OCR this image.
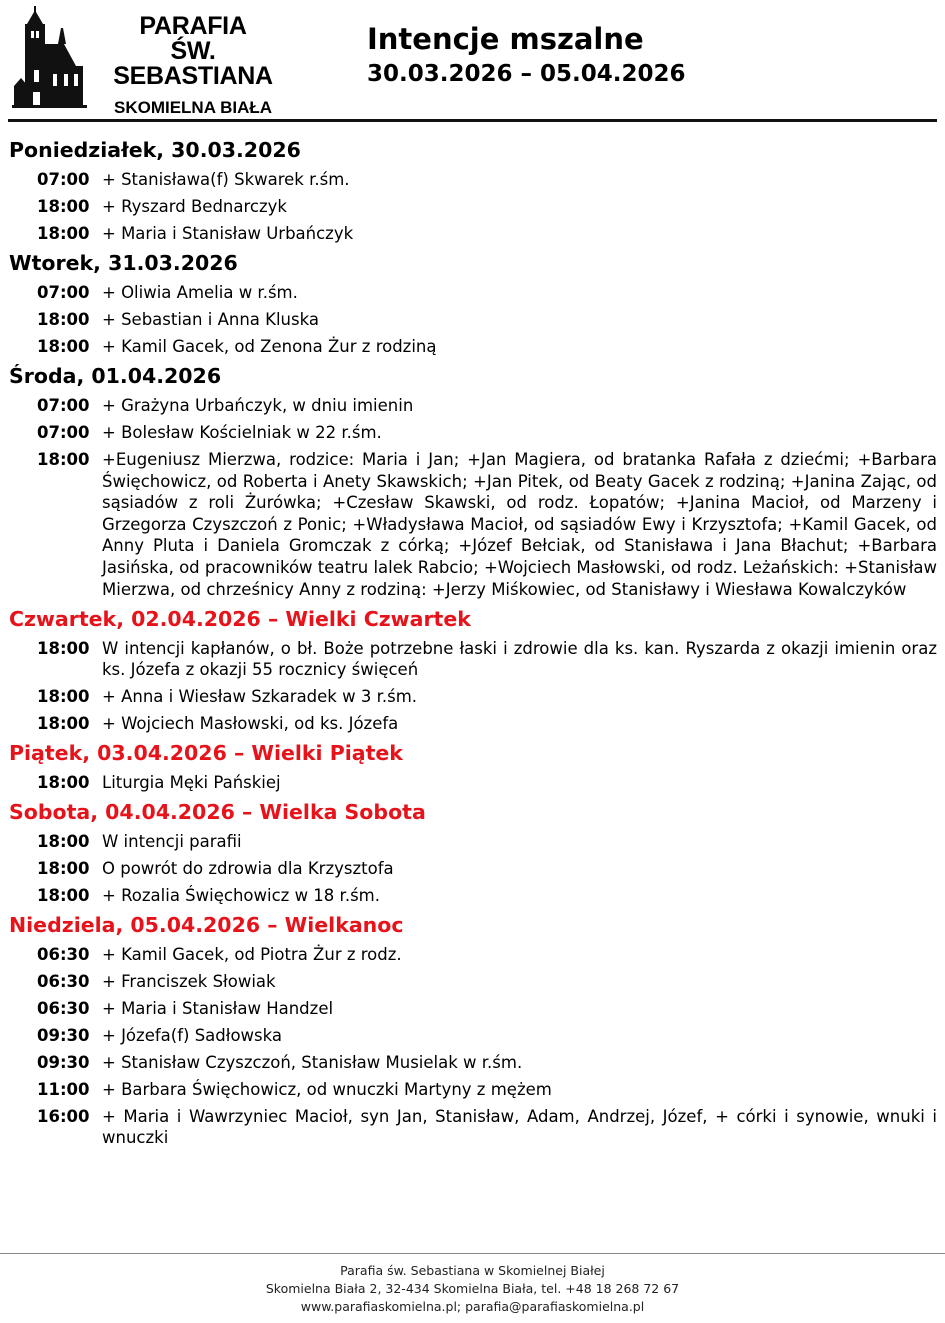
PARAFIA
ŚW. SEBASTIANA
SKOMIELNA BIAŁA
Intencje mszalne
30.03.2026 – 05.04.2026
Poniedziałek, 30.03.2026
07:00 + Stanisława(f) Skwarek r.śm.
18:00 + Ryszard Bednarczyk
18:00 + Maria i Stanisław Urbańczyk
Wtorek, 31.03.2026
07:00 + Oliwia Amelia w r.śm.
18:00 + Sebastian i Anna Kluska
18:00 + Kamil Gacek, od Zenona Żur z rodziną
Środa, 01.04.2026
07:00 + Grażyna Urbańczyk, w dniu imienin
07:00 + Bolesław Kościelniak w 22 r.śm.
18:00 +Eugeniusz Mierzwa, rodzice: Maria i Jan; +Jan Magiera, od bratanka Rafała z dziećmi; +Barbara Święchowicz, od Roberta i Anety Skawskich; +Jan Pitek, od Beaty Gacek z rodziną; +Janina Zając, od sąsiadów z roli Żurówka; +Czesław Skawski, od rodz. Łopatów; +Janina Macioł, od Marzeny i Grzegorza Czyszczoń z Ponic; +Władysława Macioł, od sąsiadów Ewy i Krzysztofa; +Kamil Gacek, od Anny Pluta i Daniela Gromczak z córką; +Józef Bełciak, od Stanisława i Jana Błachut; +Barbara Jasińska, od pracowników teatru lalek Rabcio; +Wojciech Masłowski, od rodz. Leżańskich: +Stanisław Mierzwa, od chrześnicy Anny z rodziną: +Jerzy Miśkowiec, od Stanisławy i Wiesława Kowalczyków
Czwartek, 02.04.2026 – Wielki Czwartek
18:00 W intencji kapłanów, o bł. Boże potrzebne łaski i zdrowie dla ks. kan. Ryszarda z okazji imienin oraz ks. Józefa z okazji 55 rocznicy święceń
18:00 + Anna i Wiesław Szkaradek w 3 r.śm.
18:00 + Wojciech Masłowski, od ks. Józefa
Piątek, 03.04.2026 – Wielki Piątek
18:00 Liturgia Męki Pańskiej
Sobota, 04.04.2026 – Wielka Sobota
18:00 W intencji parafii
18:00 O powrót do zdrowia dla Krzysztofa
18:00 + Rozalia Święchowicz w 18 r.śm.
Niedziela, 05.04.2026 – Wielkanoc
06:30 + Kamil Gacek, od Piotra Żur z rodz.
06:30 + Franciszek Słowiak
06:30 + Maria i Stanisław Handzel
09:30 + Józefa(f) Sadłowska
09:30 + Stanisław Czyszczoń, Stanisław Musielak w r.śm.
11:00 + Barbara Święchowicz, od wnuczki Martyny z mężem
16:00 + Maria i Wawrzyniec Macioł, syn Jan, Stanisław, Adam, Andrzej, Józef, + córki i synowie, wnuki i wnuczki
Parafia św. Sebastiana w Skomielnej Białej
Skomielna Biała 2, 32-434 Skomielna Biała, tel. +48 18 268 72 67
www.parafiaskomielna.pl; parafia@parafiaskomielna.pl
